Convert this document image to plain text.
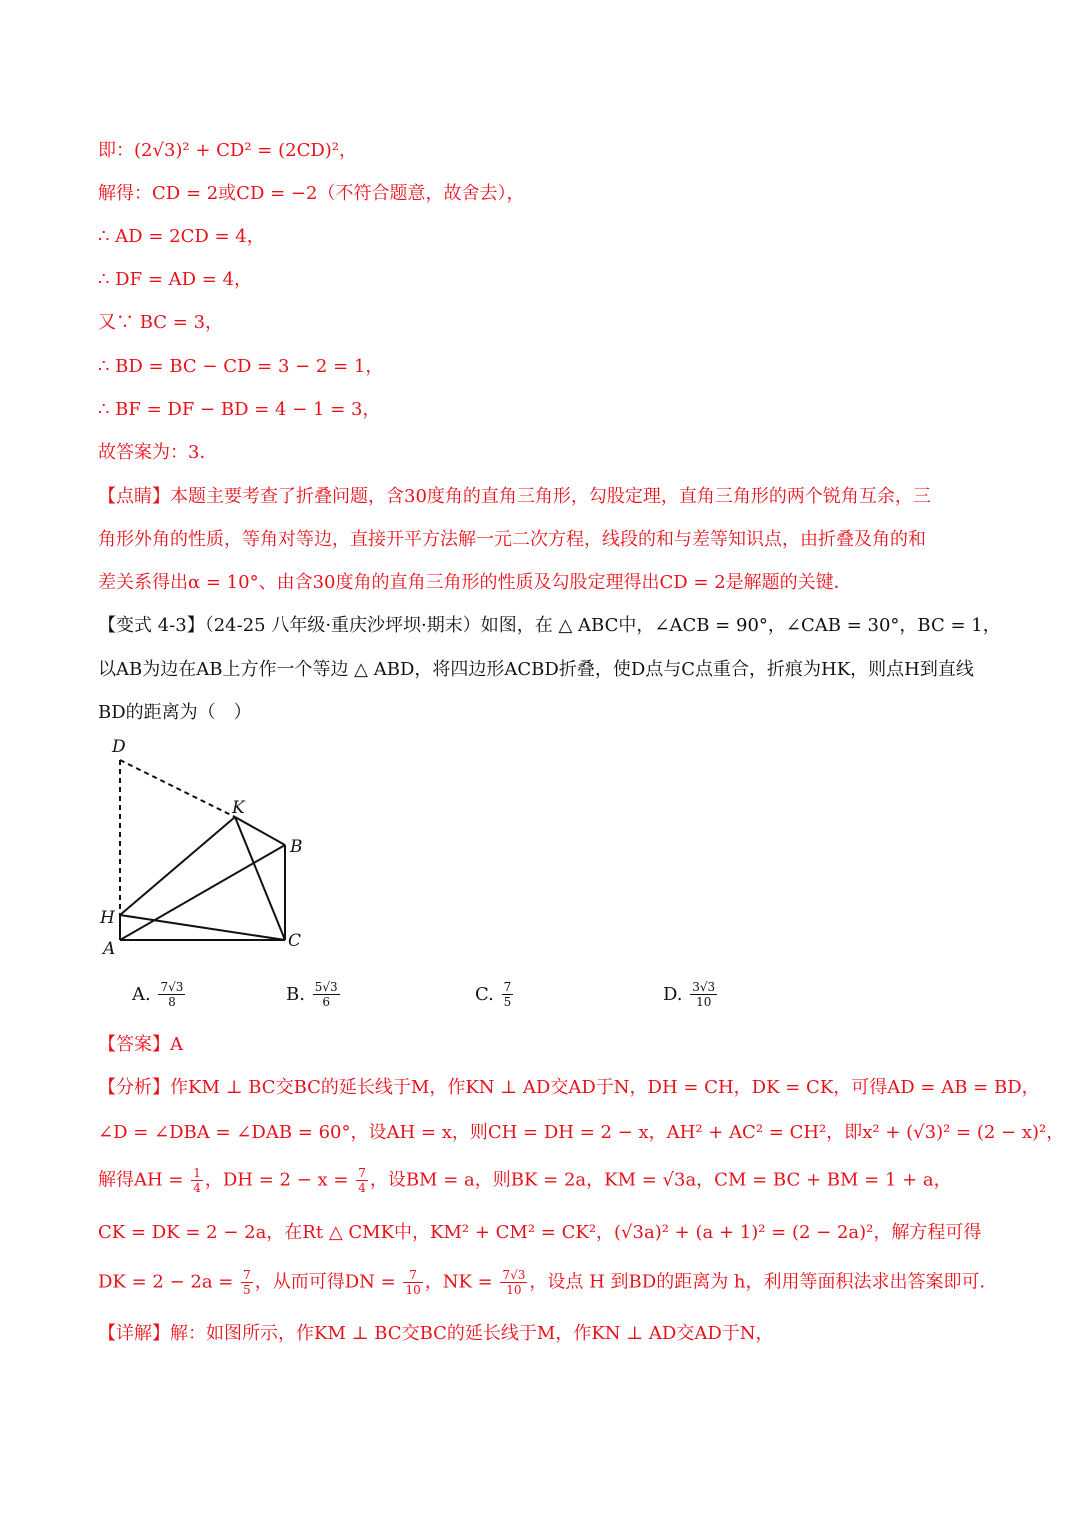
即：(2√3)² + CD² = (2CD)²，
解得：CD = 2或CD = −2（不符合题意，故舍去），
∴ AD = 2CD = 4，
∴ DF = AD = 4，
又∵ BC = 3，
∴ BD = BC − CD = 3 − 2 = 1，
∴ BF = DF − BD = 4 − 1 = 3，
故答案为：3．
【点睛】本题主要考查了折叠问题，含30度角的直角三角形，勾股定理，直角三角形的两个锐角互余，三
角形外角的性质，等角对等边，直接开平方法解一元二次方程，线段的和与差等知识点，由折叠及角的和
差关系得出α = 10°、由含30度角的直角三角形的性质及勾股定理得出CD = 2是解题的关键．
【变式 4-3】（24-25 八年级·重庆沙坪坝·期末）如图，在 △ ABC中，∠ACB = 90°，∠CAB = 30°，BC = 1，
以AB为边在AB上方作一个等边 △ ABD，将四边形ACBD折叠，使D点与C点重合，折痕为HK，则点H到直线
BD的距离为（　）
D
K
B
H
A	C
A. $\frac{7√3}{8}$	B. $\frac{5√3}{6}$	C. $\frac{7}{5}$	D. $\frac{3√3}{10}$
【答案】A
【分析】作KM ⊥ BC交BC的延长线于M，作KN ⊥ AD交AD于N，DH = CH，DK = CK，可得AD = AB = BD，
∠D = ∠DBA = ∠DAB = 60°，设AH = x，则CH = DH = 2 − x，AH² + AC² = CH²，即x² + (√3)² = (2 − x)²，
解得AH = $\frac{1}{4}$ ，DH = $2 - x = \frac{7}{4}$ ，设BM = a，则BK = 2a，KM = √3a，CM = BC + BM = 1 + a，
CK = DK = 2 − 2a，在Rt △ CMK中，KM² + CM² = CK²，(√3a)² + (a + 1)² = (2 − 2a)²，解方程可得
DK = $2 - 2a = \frac{7}{5}$ ，从而可得DN = $\frac{7}{10}$ ，NK = $\frac{7√3}{10}$ ，设点 H 到BD的距离为 h，利用等面积法求出答案即可．
【详解】解：如图所示，作KM ⊥ BC交BC的延长线于M，作KN ⊥ AD交AD于N，
